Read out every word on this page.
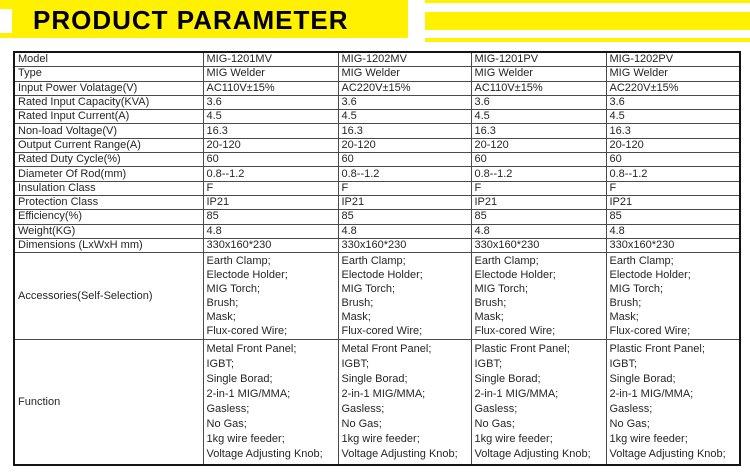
PRODUCT PARAMETER
Model	MIG-1201MV	MIG-1202MV	MIG-1201PV	MIG-1202PV
Type	MIG Welder	MIG Welder	MIG Welder	MIG Welder
Input Power Volatage(V)	AC110V±15%	AC220V±15%	AC110V±15%	AC220V±15%
Rated Input Capacity(KVA)	3.6	3.6	3.6	3.6
Rated Input Current(A)	4.5	4.5	4.5	4.5
Non-load Voltage(V)	16.3	16.3	16.3	16.3
Output Current Range(A)	20-120	20-120	20-120	20-120
Rated Duty Cycle(%)	60	60	60	60
Diameter Of Rod(mm)	0.8--1.2	0.8--1.2	0.8--1.2	0.8--1.2
Insulation Class	F	F	F	F
Protection Class	IP21	IP21	IP21	IP21
Efficiency(%)	85	85	85	85
Weight(KG)	4.8	4.8	4.8	4.8
Dimensions (LxWxH mm)	330x160*230	330x160*230	330x160*230	330x160*230
Accessories(Self-Selection)	Earth Clamp;
Electode Holder;
MIG Torch;
Brush;
Mask;
Flux-cored Wire;	Earth Clamp;
Electode Holder;
MIG Torch;
Brush;
Mask;
Flux-cored Wire;	Earth Clamp;
Electode Holder;
MIG Torch;
Brush;
Mask;
Flux-cored Wire;	Earth Clamp;
Electode Holder;
MIG Torch;
Brush;
Mask;
Flux-cored Wire;
Function	Metal Front Panel;
IGBT;
Single Borad;
2-in-1 MIG/MMA;
Gasless;
No Gas;
1kg wire feeder;
Voltage Adjusting Knob;	Metal Front Panel;
IGBT;
Single Borad;
2-in-1 MIG/MMA;
Gasless;
No Gas;
1kg wire feeder;
Voltage Adjusting Knob;	Plastic Front Panel;
IGBT;
Single Borad;
2-in-1 MIG/MMA;
Gasless;
No Gas;
1kg wire feeder;
Voltage Adjusting Knob;	Plastic Front Panel;
IGBT;
Single Borad;
2-in-1 MIG/MMA;
Gasless;
No Gas;
1kg wire feeder;
Voltage Adjusting Knob;
